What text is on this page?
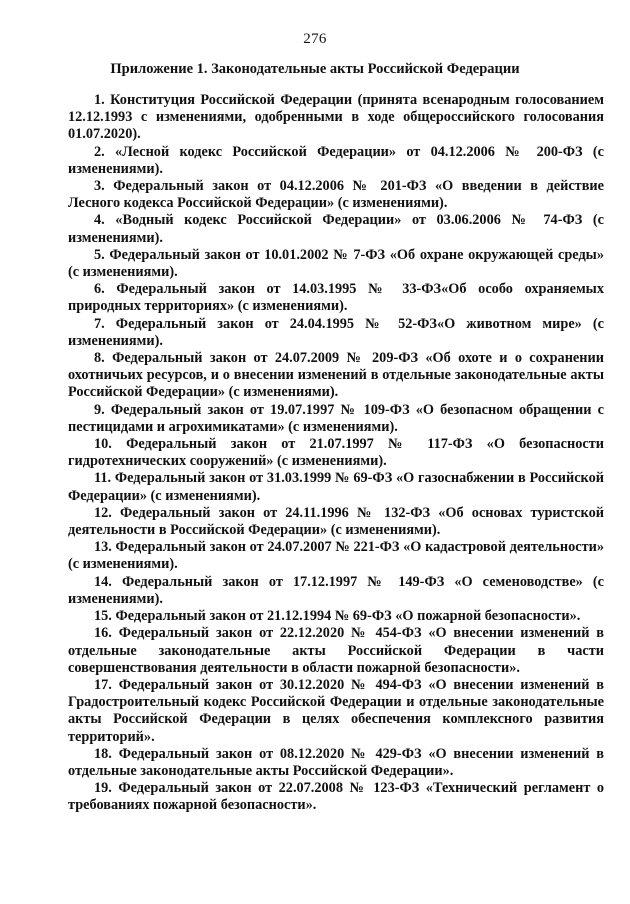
276
Приложение 1. Законодательные акты Российской Федерации
1. Конституция Российской Федерации (принята всенародным голосованием 12.12.1993 с изменениями, одобренными в ходе общероссийского голосования 01.07.2020).
2. «Лесной кодекс Российской Федерации» от 04.12.2006 № 200-ФЗ (с изменениями).
3. Федеральный закон от 04.12.2006 № 201-ФЗ «О введении в действие Лесного кодекса Российской Федерации» (с изменениями).
4. «Водный кодекс Российской Федерации» от 03.06.2006 № 74-ФЗ (с изменениями).
5. Федеральный закон от 10.01.2002 № 7-ФЗ «Об охране окружающей среды» (с изменениями).
6. Федеральный закон от 14.03.1995 № 33-ФЗ«Об особо охраняемых природных территориях» (с изменениями).
7. Федеральный закон от 24.04.1995 № 52-ФЗ«О животном мире» (с изменениями).
8. Федеральный закон от 24.07.2009 № 209-ФЗ «Об охоте и о сохранении охотничьих ресурсов, и о внесении изменений в отдельные законодательные акты Российской Федерации» (с изменениями).
9. Федеральный закон от 19.07.1997 № 109-ФЗ «О безопасном обращении с пестицидами и агрохимикатами» (с изменениями).
10. Федеральный закон от 21.07.1997 № 117-ФЗ «О безопасности гидротехнических сооружений» (с изменениями).
11. Федеральный закон от 31.03.1999 № 69-ФЗ «О газоснабжении в Российской Федерации» (с изменениями).
12. Федеральный закон от 24.11.1996 № 132-ФЗ «Об основах туристской деятельности в Российской Федерации» (с изменениями).
13. Федеральный закон от 24.07.2007 № 221-ФЗ «О кадастровой деятельности» (с изменениями).
14. Федеральный закон от 17.12.1997 № 149-ФЗ «О семеноводстве» (с изменениями).
15. Федеральный закон от 21.12.1994 № 69-ФЗ «О пожарной безопасности».
16. Федеральный закон от 22.12.2020 № 454-ФЗ «О внесении изменений в отдельные законодательные акты Российской Федерации в части совершенствования деятельности в области пожарной безопасности».
17. Федеральный закон от 30.12.2020 № 494-ФЗ «О внесении изменений в Градостроительный кодекс Российской Федерации и отдельные законодательные акты Российской Федерации в целях обеспечения комплексного развития территорий».
18. Федеральный закон от 08.12.2020 № 429-ФЗ «О внесении изменений в отдельные законодательные акты Российской Федерации».
19. Федеральный закон от 22.07.2008 № 123-ФЗ «Технический регламент о требованиях пожарной безопасности».
